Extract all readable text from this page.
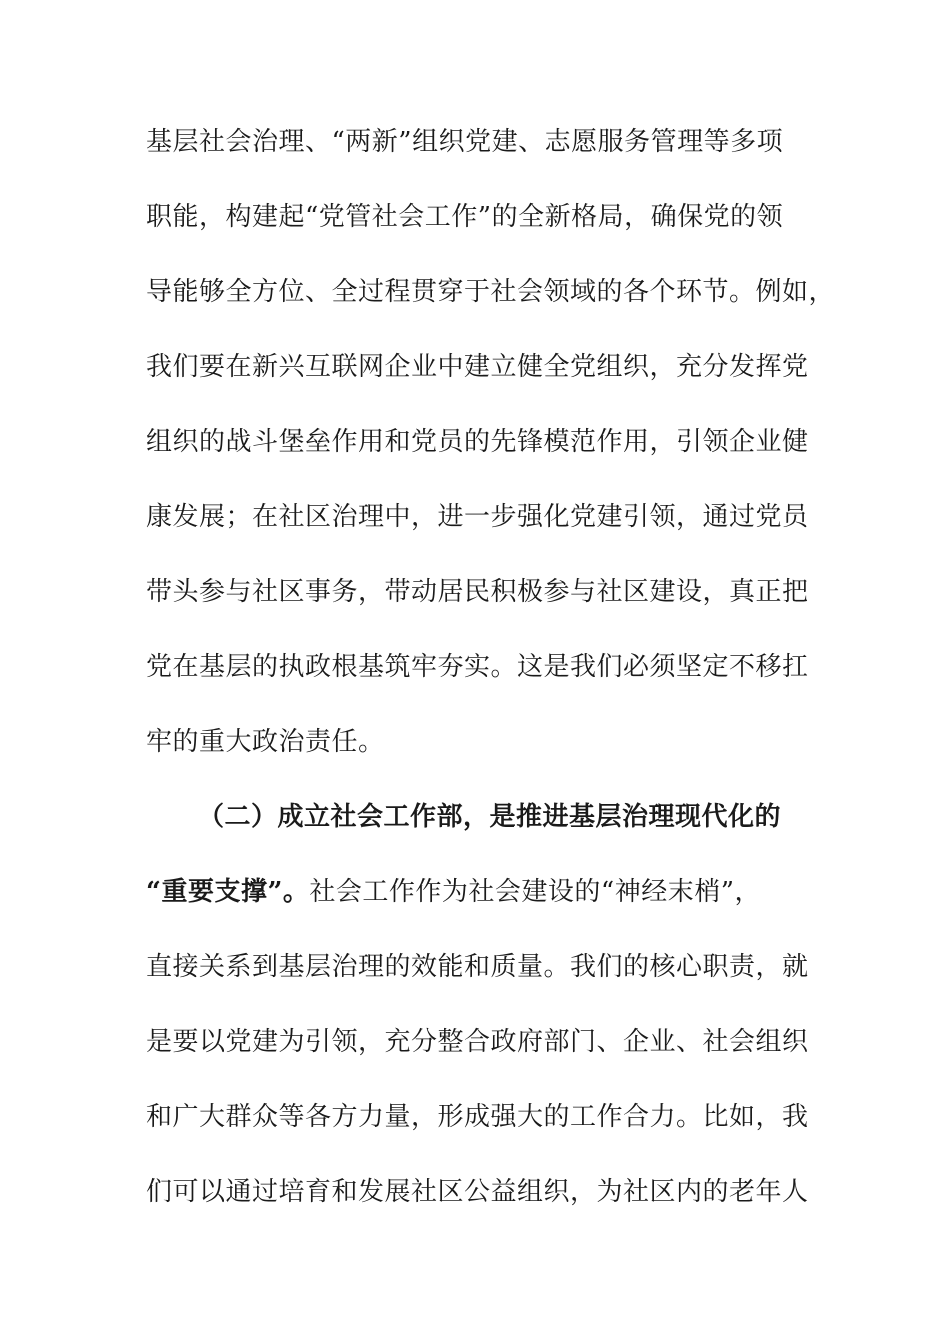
基层社会治理、“两新”组织党建、志愿服务管理等多项
职能，构建起“党管社会工作”的全新格局，确保党的领
导能够全方位、全过程贯穿于社会领域的各个环节。例如，
我们要在新兴互联网企业中建立健全党组织，充分发挥党
组织的战斗堡垒作用和党员的先锋模范作用，引领企业健
康发展；在社区治理中，进一步强化党建引领，通过党员
带头参与社区事务，带动居民积极参与社区建设，真正把
党在基层的执政根基筑牢夯实。这是我们必须坚定不移扛
牢的重大政治责任。
（二）成立社会工作部，是推进基层治理现代化的
“重要支撑”。社会工作作为社会建设的“神经末梢”，
直接关系到基层治理的效能和质量。我们的核心职责，就
是要以党建为引领，充分整合政府部门、企业、社会组织
和广大群众等各方力量，形成强大的工作合力。比如，我
们可以通过培育和发展社区公益组织，为社区内的老年人
